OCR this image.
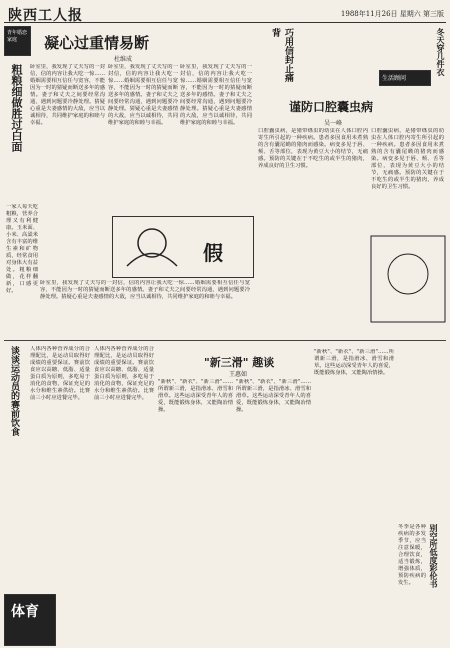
陕西工人报	1988年11月26日 星期六 第三版
青年婚恋家庭	凝心过重情易断
杜维成
卧室里，我发现了丈夫写的一封信，信的内容让我大吃一惊……婚姻需要相互信任与宽容，不能因为一时的猜疑而断送多年的感情。妻子和丈夫之间要经常沟通，遇到问题要冷静处理。猜疑心重是夫妻感情的大敌，应当以诚相待，共同维护家庭的和睦与幸福。
卧室里，我发现了丈夫写的一封信，信的内容让我大吃一惊……婚姻需要相互信任与宽容，不能因为一时的猜疑而断送多年的感情。妻子和丈夫之间要经常沟通，遇到问题要冷静处理。猜疑心重是夫妻感情的大敌，应当以诚相待，共同维护家庭的和睦与幸福。
卧室里，我发现了丈夫写的一封信，信的内容让我大吃一惊……婚姻需要相互信任与宽容，不能因为一时的猜疑而断送多年的感情。妻子和丈夫之间要经常沟通，遇到问题要冷静处理。猜疑心重是夫妻感情的大敌，应当以诚相待，共同维护家庭的和睦与幸福。
粗粮细做胜过白面
一家人每天吃粗粮，营养合理又有利健康。玉米面、小米、高粱米含有丰富的维生素和矿物质，经常食用对身体大有益处。粗粮细做，花样翻新，口感更好。
假
卧室里，我发现了丈夫写的一封信，信的内容让我大吃一惊……婚姻需要相互信任与宽容，不能因为一时的猜疑而断送多年的感情。妻子和丈夫之间要经常沟通，遇到问题要冷静处理。猜疑心重是夫妻感情的大敌，应当以诚相待，共同维护家庭的和睦与幸福。
巧用信封止痛背	冬天穿几件衣
生活顾问
谨防口腔囊虫病
吴一峰
口腔囊虫病，是猪带绦虫的幼虫在人体口腔内寄生所引起的一种疾病。患者多因食用未煮熟的含有囊尾蚴的猪肉而感染。病变多见于唇、颊、舌等部位，表现为黄豆大小的结节，无痛感。预防的关键在于不吃生的或半生的猪肉，养成良好的卫生习惯。
口腔囊虫病，是猪带绦虫的幼虫在人体口腔内寄生所引起的一种疾病。患者多因食用未煮熟的含有囊尾蚴的猪肉而感染。病变多见于唇、颊、舌等部位，表现为黄豆大小的结节，无痛感。预防的关键在于不吃生的或半生的猪肉，养成良好的卫生习惯。
谈谈运动员的赛前饮食	人体内各种营养成分的合理配比，是运动员取得好成绩的重要保证。赛前饮食应以高糖、低脂、适量蛋白质为原则，多吃易于消化的食物，保证充足的水分和维生素供给。比赛前三小时应进餐完毕。
人体内各种营养成分的合理配比，是运动员取得好成绩的重要保证。赛前饮食应以高糖、低脂、适量蛋白质为原则，多吃易于消化的食物，保证充足的水分和维生素供给。比赛前三小时应进餐完毕。
体育
"新三滑" 趣谈
王惠如
"新秋"、"新衣"、"新三滑"……所谓新三滑，是指滑冰、滑雪和滑草。这些运动深受青年人的喜爱，既能锻炼身体，又能陶冶情操。
"新秋"、"新衣"、"新三滑"……所谓新三滑，是指滑冰、滑雪和滑草。这些运动深受青年人的喜爱，既能锻炼身体，又能陶冶情操。
"新秋"、"新衣"、"新三滑"……所谓新三滑，是指滑冰、滑雪和滑草。这些运动深受青年人的喜爱，既能锻炼身体，又能陶冶情操。
别空所低度彩伦书
冬季是各种疾病的多发季节，应当注意保暖，合理饮食，适当锻炼，增强体质，预防疾病的发生。
